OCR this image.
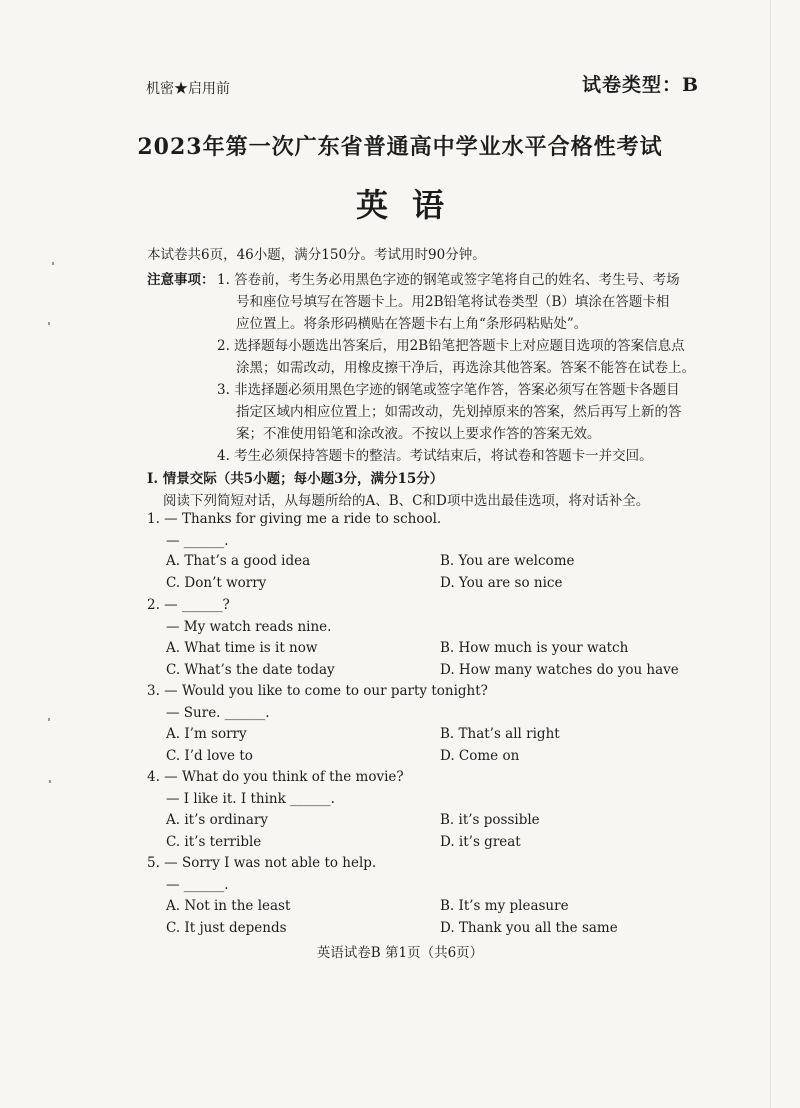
机密★启用前	试卷类型：B
2023年第一次广东省普通高中学业水平合格性考试
英语
本试卷共6页，46小题，满分150分。考试用时90分钟。
注意事项： 1. 答卷前，考生务必用黑色字迹的钢笔或签字笔将自己的姓名、考生号、考场
号和座位号填写在答题卡上。用2B铅笔将试卷类型（B）填涂在答题卡相
应位置上。将条形码横贴在答题卡右上角“条形码粘贴处”。
2. 选择题每小题选出答案后，用2B铅笔把答题卡上对应题目选项的答案信息点
涂黑；如需改动，用橡皮擦干净后，再选涂其他答案。答案不能答在试卷上。
3. 非选择题必须用黑色字迹的钢笔或签字笔作答，答案必须写在答题卡各题目
指定区域内相应位置上；如需改动，先划掉原来的答案，然后再写上新的答
案；不准使用铅笔和涂改液。不按以上要求作答的答案无效。
4. 考生必须保持答题卡的整洁。考试结束后，将试卷和答题卡一并交回。
I. 情景交际（共5小题；每小题3分，满分15分）
阅读下列简短对话，从每题所给的A、B、C和D项中选出最佳选项，将对话补全。
1. — Thanks for giving me a ride to school.
— ______.
A. That’s a good idea	B. You are welcome
C. Don’t worry	D. You are so nice
2. — ______?
— My watch reads nine.
A. What time is it now	B. How much is your watch
C. What’s the date today	D. How many watches do you have
3. — Would you like to come to our party tonight?
— Sure. ______.
A. I’m sorry	B. That’s all right
C. I’d love to	D. Come on
4. — What do you think of the movie?
— I like it. I think ______.
A. it’s ordinary	B. it’s possible
C. it’s terrible	D. it’s great
5. — Sorry I was not able to help.
— ______.
A. Not in the least	B. It’s my pleasure
C. It just depends	D. Thank you all the same
英语试卷B 第1页（共6页）
